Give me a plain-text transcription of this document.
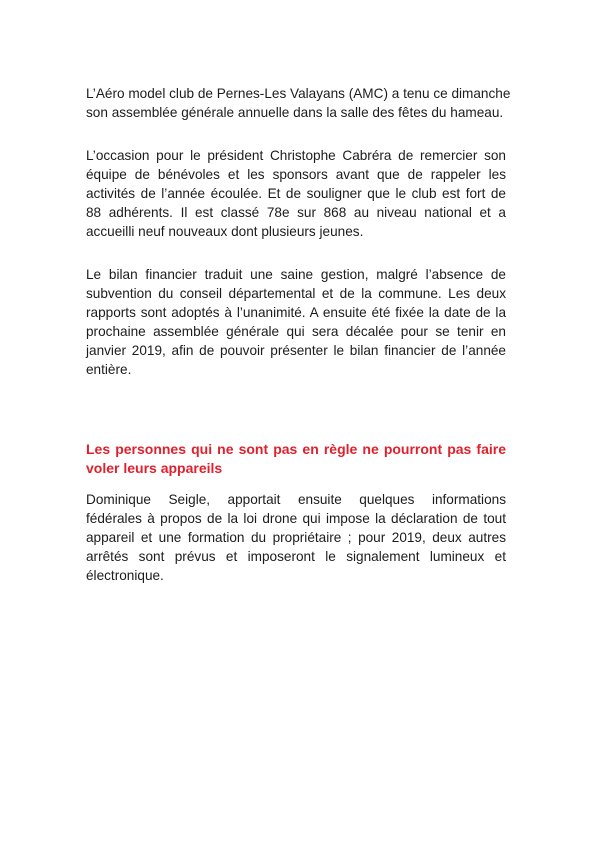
L’Aéro model club de Pernes-Les Valayans (AMC) a tenu ce dimanche
son assemblée générale annuelle dans la salle des fêtes du hameau.

L’occasion pour le président Christophe Cabréra de remercier son
équipe de bénévoles et les sponsors avant que de rappeler les
activités de l’année écoulée. Et de souligner que le club est fort de
88 adhérents. Il est classé 78e sur 868 au niveau national et a
accueilli neuf nouveaux dont plusieurs jeunes.

Le bilan financier traduit une saine gestion, malgré l’absence de
subvention du conseil départemental et de la commune. Les deux
rapports sont adoptés à l’unanimité. A ensuite été fixée la date de la
prochaine assemblée générale qui sera décalée pour se tenir en
janvier 2019, afin de pouvoir présenter le bilan financier de l’année
entière.

Les personnes qui ne sont pas en règle ne pourront pas faire
voler leurs appareils

Dominique Seigle, apportait ensuite quelques informations
fédérales à propos de la loi drone qui impose la déclaration de tout
appareil et une formation du propriétaire ; pour 2019, deux autres
arrêtés sont prévus et imposeront le signalement lumineux et
électronique.
